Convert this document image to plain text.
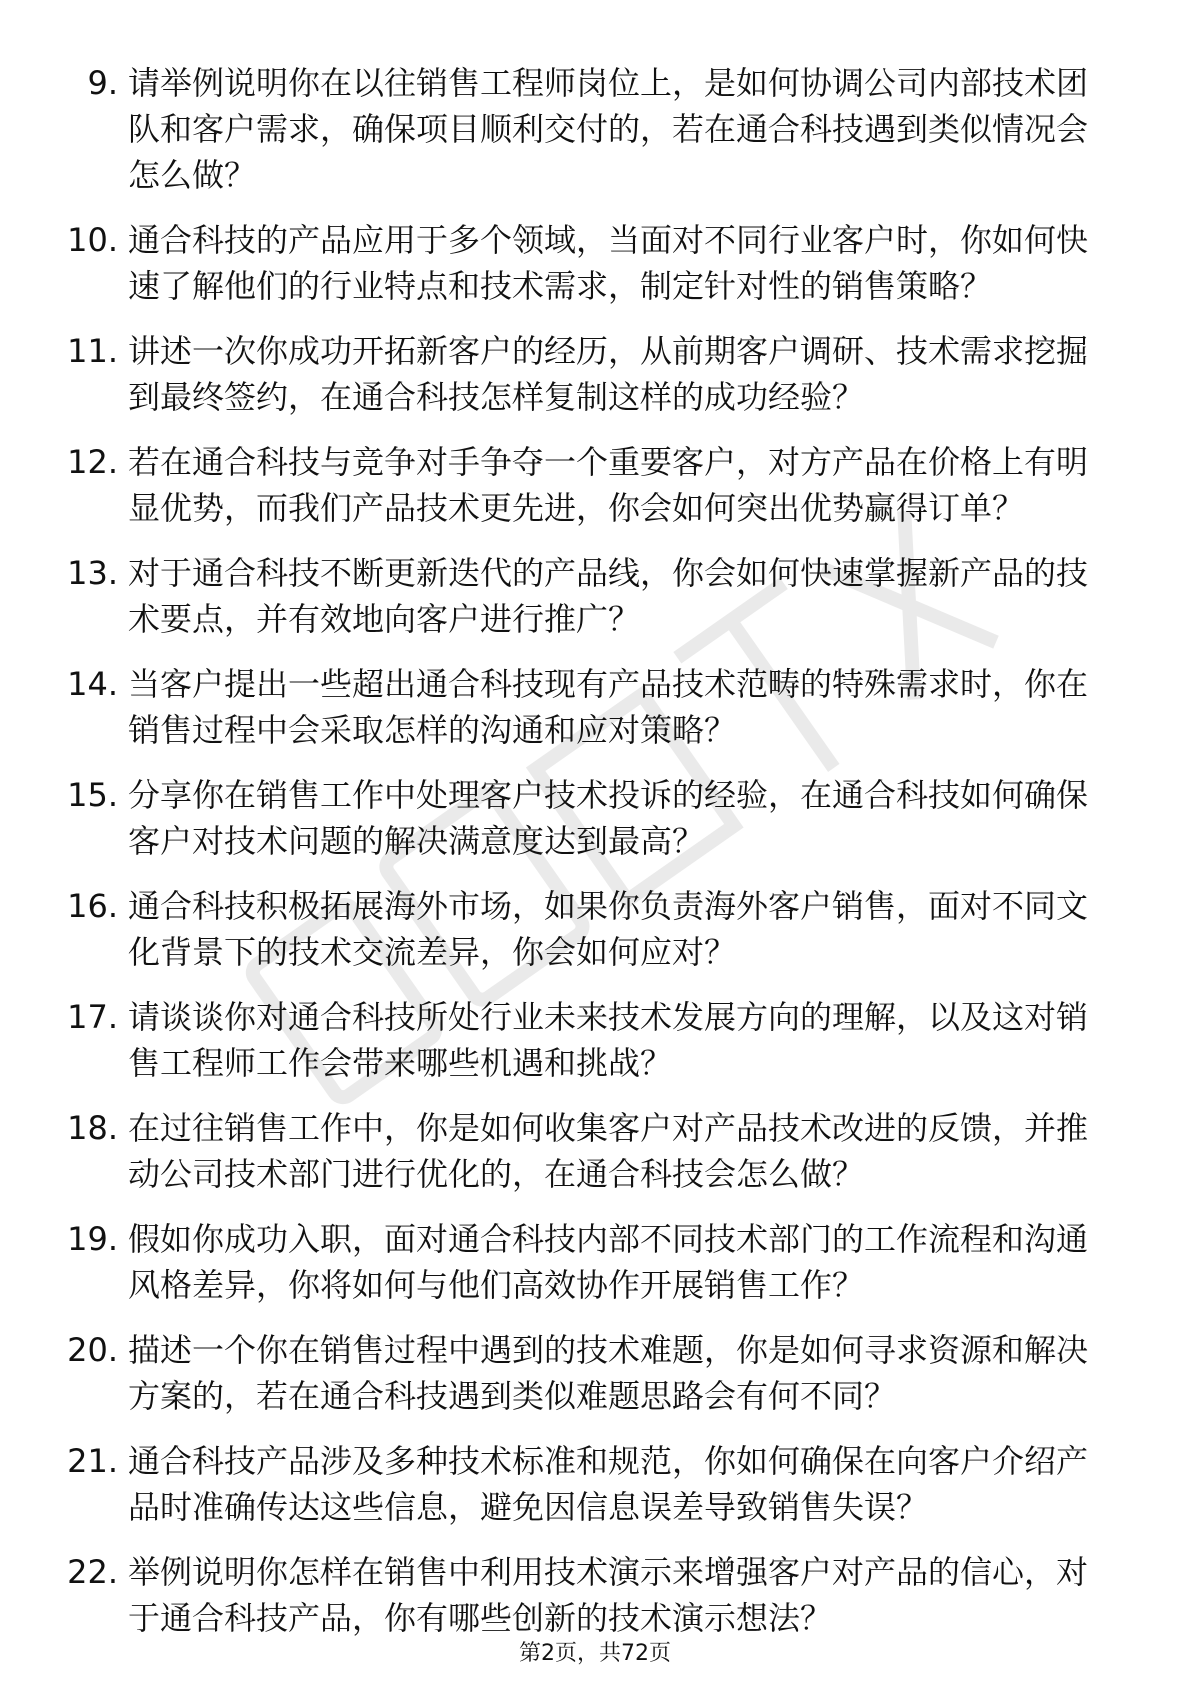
9. 请举例说明你在以往销售工程师岗位上，是如何协调公司内部技术团队和客户需求，确保项目顺利交付的，若在通合科技遇到类似情况会怎么做？
10. 通合科技的产品应用于多个领域，当面对不同行业客户时，你如何快速了解他们的行业特点和技术需求，制定针对性的销售策略？
11. 讲述一次你成功开拓新客户的经历，从前期客户调研、技术需求挖掘到最终签约，在通合科技怎样复制这样的成功经验？
12. 若在通合科技与竞争对手争夺一个重要客户，对方产品在价格上有明显优势，而我们产品技术更先进，你会如何突出优势赢得订单？
13. 对于通合科技不断更新迭代的产品线，你会如何快速掌握新产品的技术要点，并有效地向客户进行推广？
14. 当客户提出一些超出通合科技现有产品技术范畴的特殊需求时，你在销售过程中会采取怎样的沟通和应对策略？
15. 分享你在销售工作中处理客户技术投诉的经验，在通合科技如何确保客户对技术问题的解决满意度达到最高？
16. 通合科技积极拓展海外市场，如果你负责海外客户销售，面对不同文化背景下的技术交流差异，你会如何应对？
17. 请谈谈你对通合科技所处行业未来技术发展方向的理解，以及这对销售工程师工作会带来哪些机遇和挑战？
18. 在过往销售工作中，你是如何收集客户对产品技术改进的反馈，并推动公司技术部门进行优化的，在通合科技会怎么做？
19. 假如你成功入职，面对通合科技内部不同技术部门的工作流程和沟通风格差异，你将如何与他们高效协作开展销售工作？
20. 描述一个你在销售过程中遇到的技术难题，你是如何寻求资源和解决方案的，若在通合科技遇到类似难题思路会有何不同？
21. 通合科技产品涉及多种技术标准和规范，你如何确保在向客户介绍产品时准确传达这些信息，避免因信息误差导致销售失误？
22. 举例说明你怎样在销售中利用技术演示来增强客户对产品的信心，对于通合科技产品，你有哪些创新的技术演示想法？
第2页，共72页
